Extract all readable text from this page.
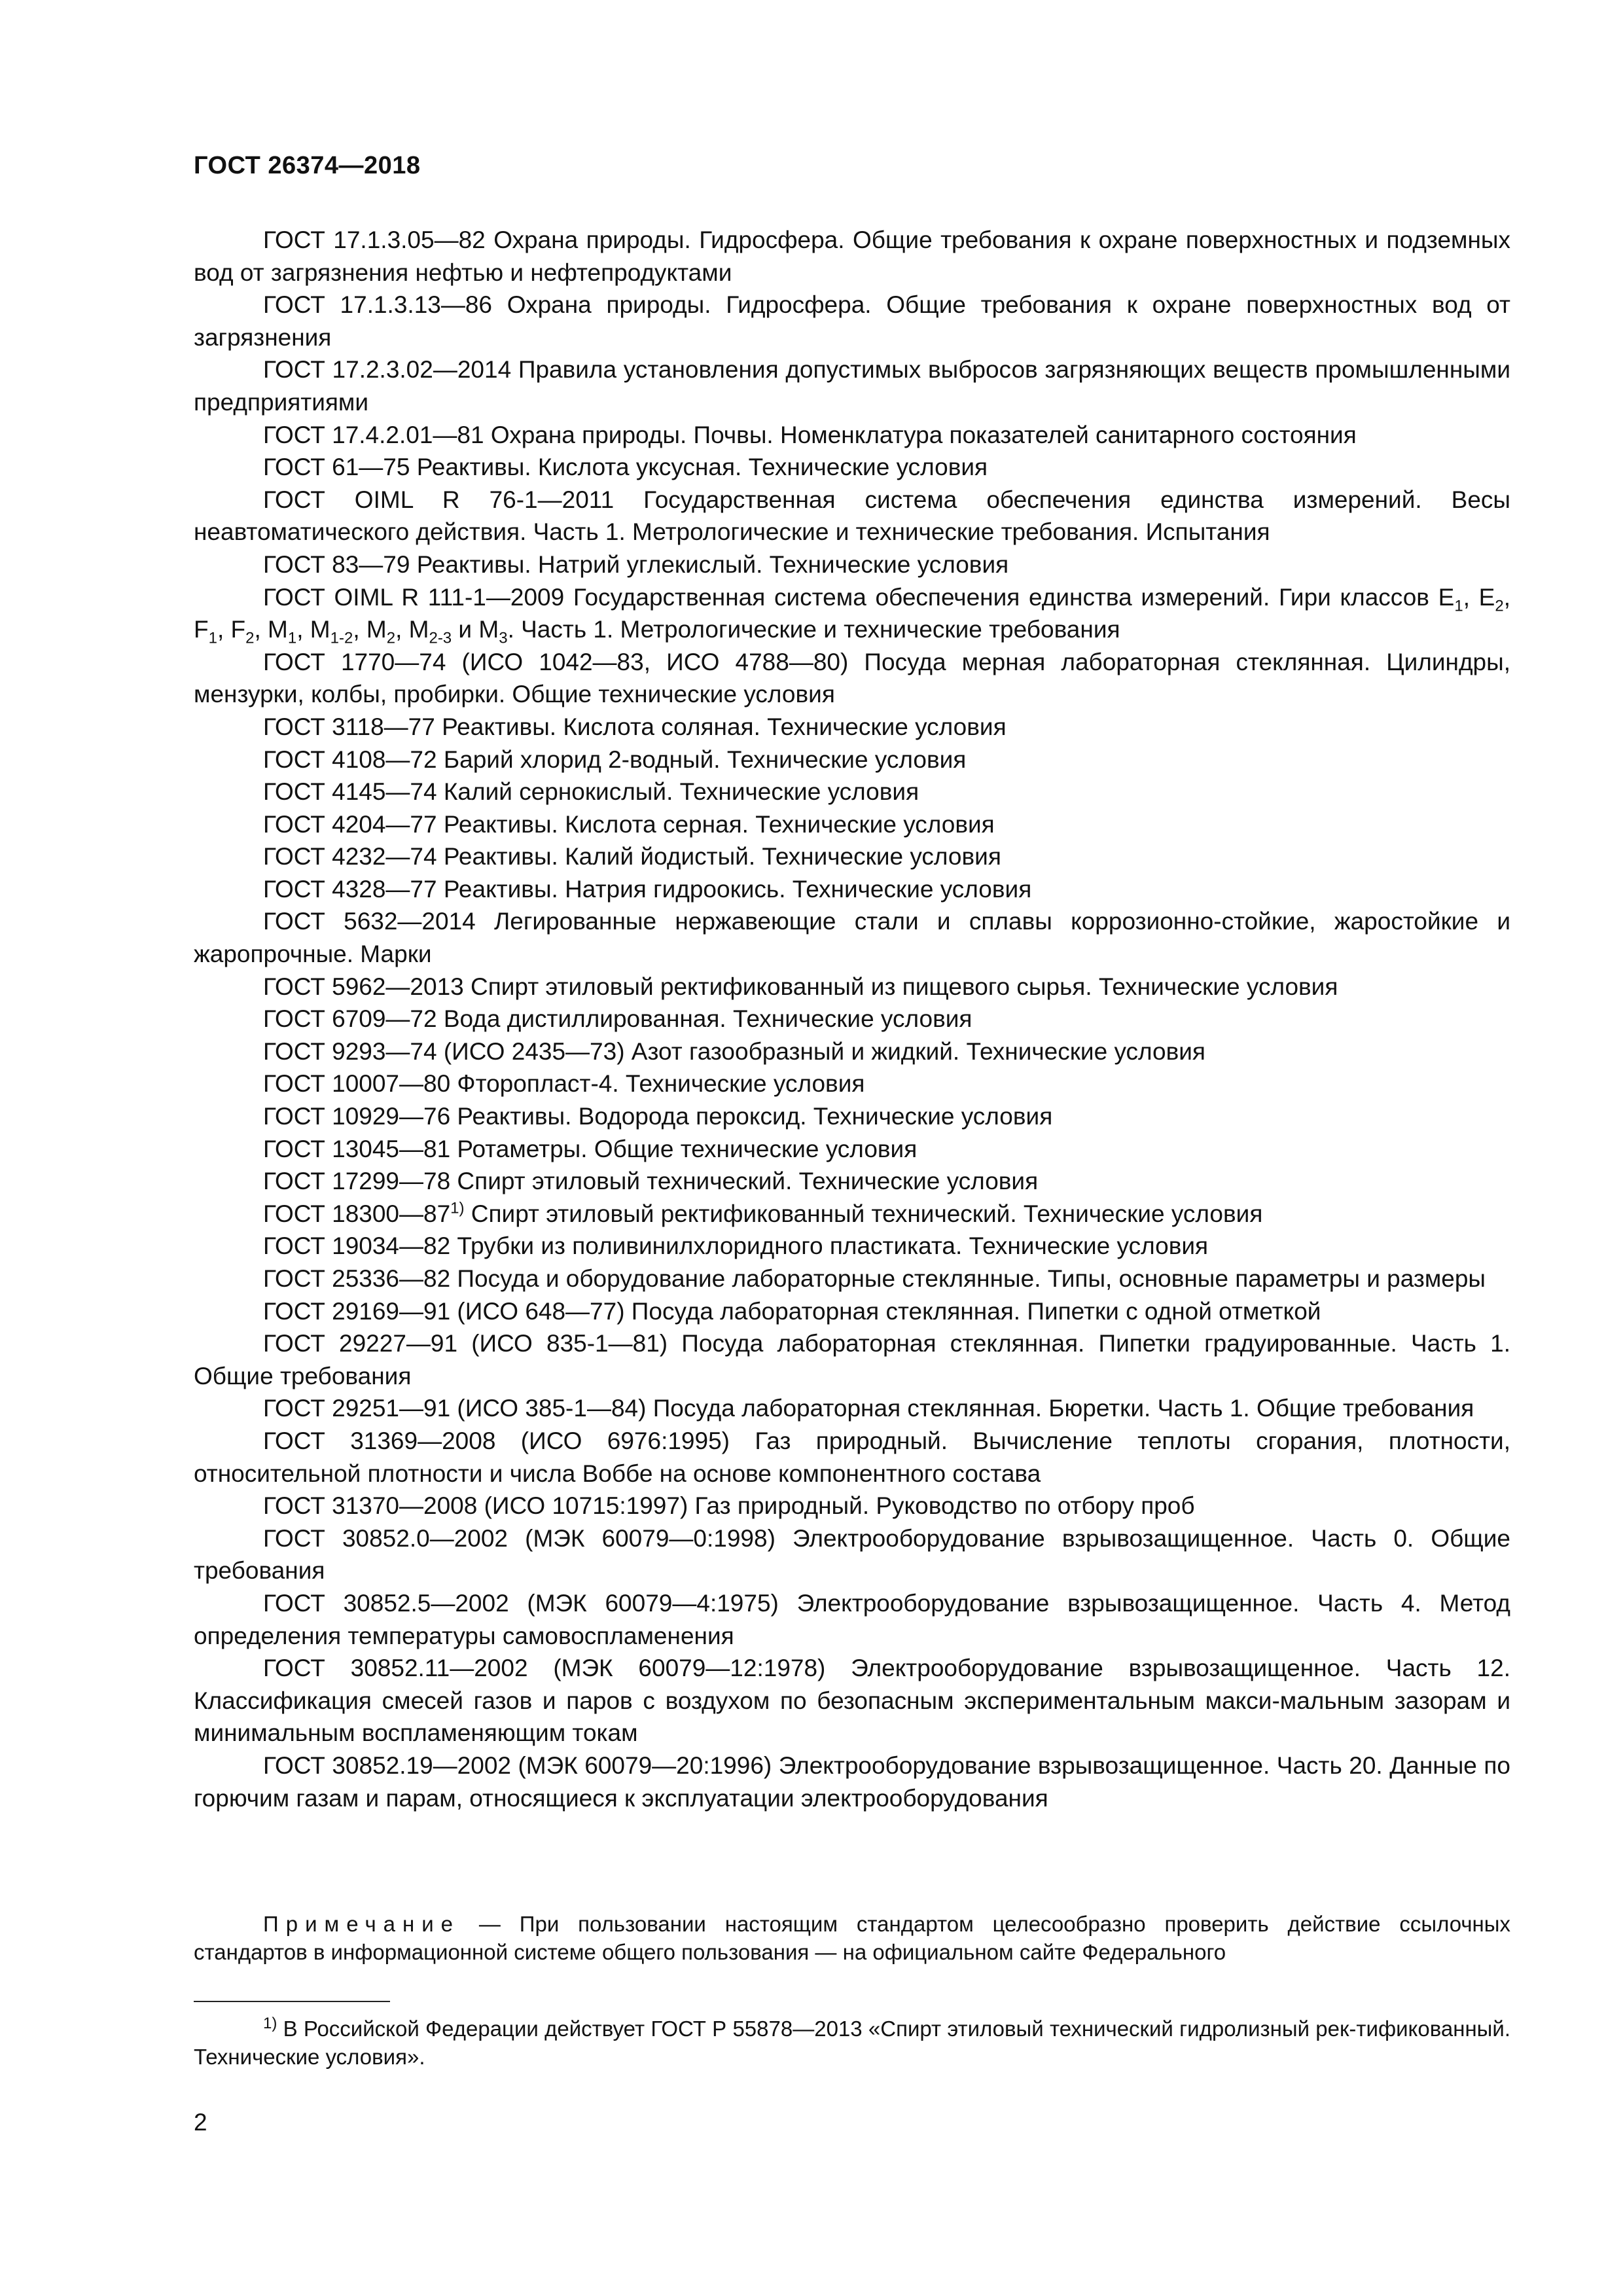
ГОСТ 26374—2018

ГОСТ 17.1.3.05—82 Охрана природы. Гидросфера. Общие требования к охране поверхностных и подземных вод от загрязнения нефтью и нефтепродуктами

ГОСТ 17.1.3.13—86 Охрана природы. Гидросфера. Общие требования к охране поверхностных вод от загрязнения

ГОСТ 17.2.3.02—2014 Правила установления допустимых выбросов загрязняющих веществ промышленными предприятиями

ГОСТ 17.4.2.01—81 Охрана природы. Почвы. Номенклатура показателей санитарного состояния

ГОСТ 61—75 Реактивы. Кислота уксусная. Технические условия

ГОСТ OIML R 76-1—2011 Государственная система обеспечения единства измерений. Весы неавтоматического действия. Часть 1. Метрологические и технические требования. Испытания

ГОСТ 83—79 Реактивы. Натрий углекислый. Технические условия

ГОСТ OIML R 111-1—2009 Государственная система обеспечения единства измерений. Гири классов $E_1$, $E_2$, $F_1$, $F_2$, $M_1$, $M_{1-2}$, $M_2$, $M_{2-3}$ и $M_3$. Часть 1. Метрологические и технические требования

ГОСТ 1770—74 (ИСО 1042—83, ИСО 4788—80) Посуда мерная лабораторная стеклянная. Цилиндры, мензурки, колбы, пробирки. Общие технические условия

ГОСТ 3118—77 Реактивы. Кислота соляная. Технические условия

ГОСТ 4108—72 Барий хлорид 2-водный. Технические условия

ГОСТ 4145—74 Калий сернокислый. Технические условия

ГОСТ 4204—77 Реактивы. Кислота серная. Технические условия

ГОСТ 4232—74 Реактивы. Калий йодистый. Технические условия

ГОСТ 4328—77 Реактивы. Натрия гидроокись. Технические условия

ГОСТ 5632—2014 Легированные нержавеющие стали и сплавы коррозионно-стойкие, жаростойкие и жаропрочные. Марки

ГОСТ 5962—2013 Спирт этиловый ректификованный из пищевого сырья. Технические условия

ГОСТ 6709—72 Вода дистиллированная. Технические условия

ГОСТ 9293—74 (ИСО 2435—73) Азот газообразный и жидкий. Технические условия

ГОСТ 10007—80 Фторопласт-4. Технические условия

ГОСТ 10929—76 Реактивы. Водорода пероксид. Технические условия

ГОСТ 13045—81 Ротаметры. Общие технические условия

ГОСТ 17299—78 Спирт этиловый технический. Технические условия

ГОСТ 18300—87$^{1)}$ Спирт этиловый ректификованный технический. Технические условия

ГОСТ 19034—82 Трубки из поливинилхлоридного пластиката. Технические условия

ГОСТ 25336—82 Посуда и оборудование лабораторные стеклянные. Типы, основные параметры и размеры

ГОСТ 29169—91 (ИСО 648—77) Посуда лабораторная стеклянная. Пипетки с одной отметкой

ГОСТ 29227—91 (ИСО 835-1—81) Посуда лабораторная стеклянная. Пипетки градуированные. Часть 1. Общие требования

ГОСТ 29251—91 (ИСО 385-1—84) Посуда лабораторная стеклянная. Бюретки. Часть 1. Общие требования

ГОСТ 31369—2008 (ИСО 6976:1995) Газ природный. Вычисление теплоты сгорания, плотности, относительной плотности и числа Воббе на основе компонентного состава

ГОСТ 31370—2008 (ИСО 10715:1997) Газ природный. Руководство по отбору проб

ГОСТ 30852.0—2002 (МЭК 60079—0:1998) Электрооборудование взрывозащищенное. Часть 0. Общие требования

ГОСТ 30852.5—2002 (МЭК 60079—4:1975) Электрооборудование взрывозащищенное. Часть 4. Метод определения температуры самовоспламенения

ГОСТ 30852.11—2002 (МЭК 60079—12:1978) Электрооборудование взрывозащищенное. Часть 12. Классификация смесей газов и паров с воздухом по безопасным экспериментальным макси-мальным зазорам и минимальным воспламеняющим токам

ГОСТ 30852.19—2002 (МЭК 60079—20:1996) Электрооборудование взрывозащищенное. Часть 20. Данные по горючим газам и парам, относящиеся к эксплуатации электрооборудования

Примечание — При пользовании настоящим стандартом целесообразно проверить действие ссылочных стандартов в информационной системе общего пользования — на официальном сайте Федерального

$^{1)}$ В Российской Федерации действует ГОСТ Р 55878—2013 «Спирт этиловый технический гидролизный рек-тификованный. Технические условия».

2
